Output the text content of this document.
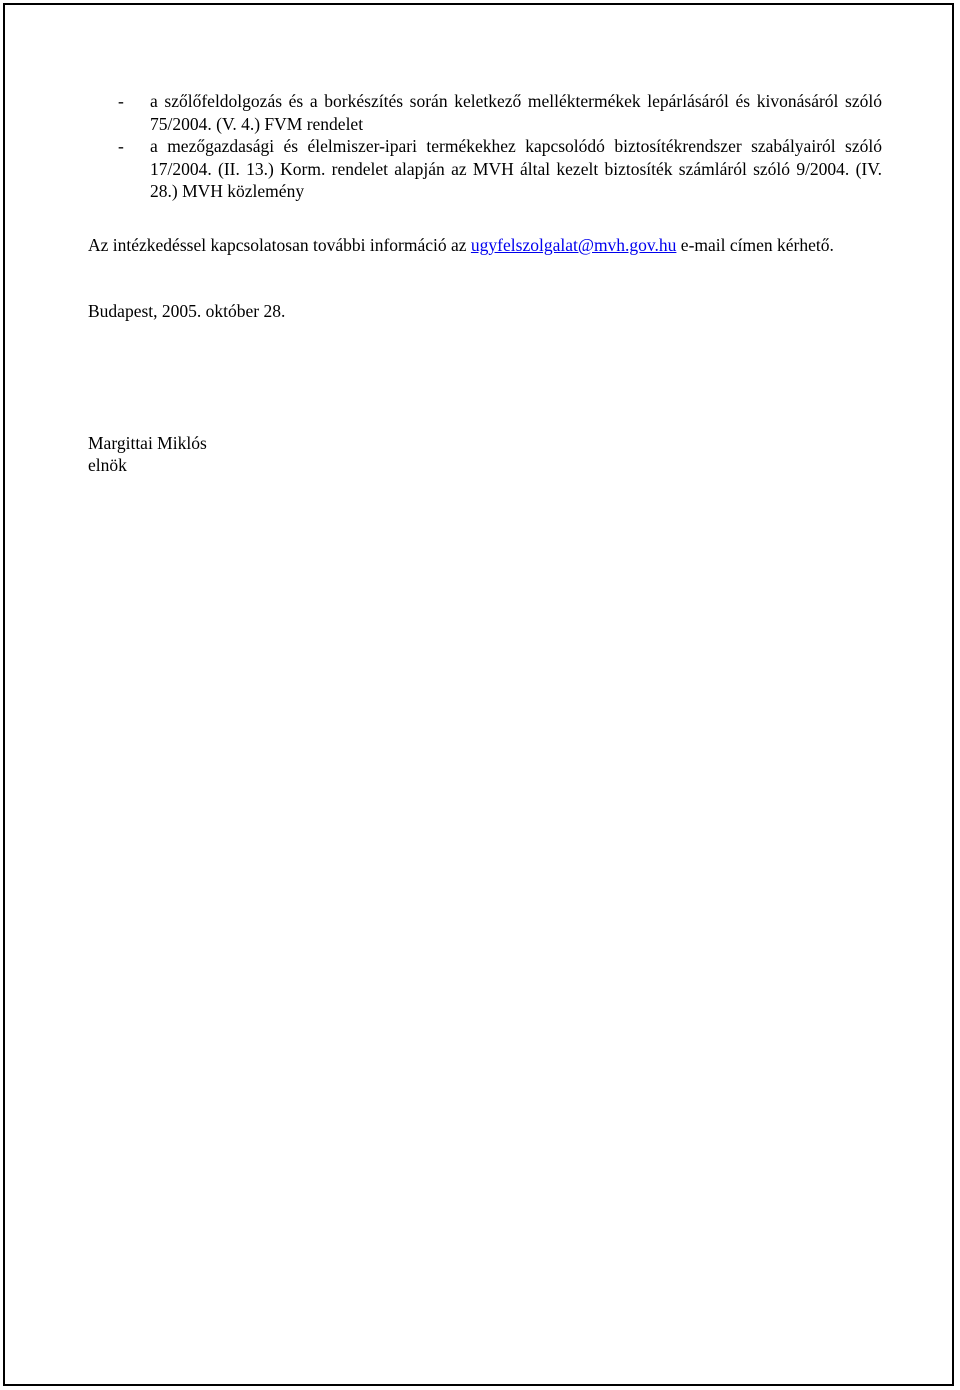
- a szőlőfeldolgozás és a borkészítés során keletkező melléktermékek lepárlásáról és kivonásáról szóló 75/2004. (V. 4.) FVM rendelet
- a mezőgazdasági és élelmiszer-ipari termékekhez kapcsolódó biztosítékrendszer szabályairól szóló 17/2004. (II. 13.) Korm. rendelet alapján az MVH által kezelt biztosíték számláról szóló 9/2004. (IV. 28.) MVH közlemény

Az intézkedéssel kapcsolatosan további információ az ugyfelszolgalat@mvh.gov.hu e-mail címen kérhető.

Budapest, 2005. október 28.

Margittai Miklós
elnök
